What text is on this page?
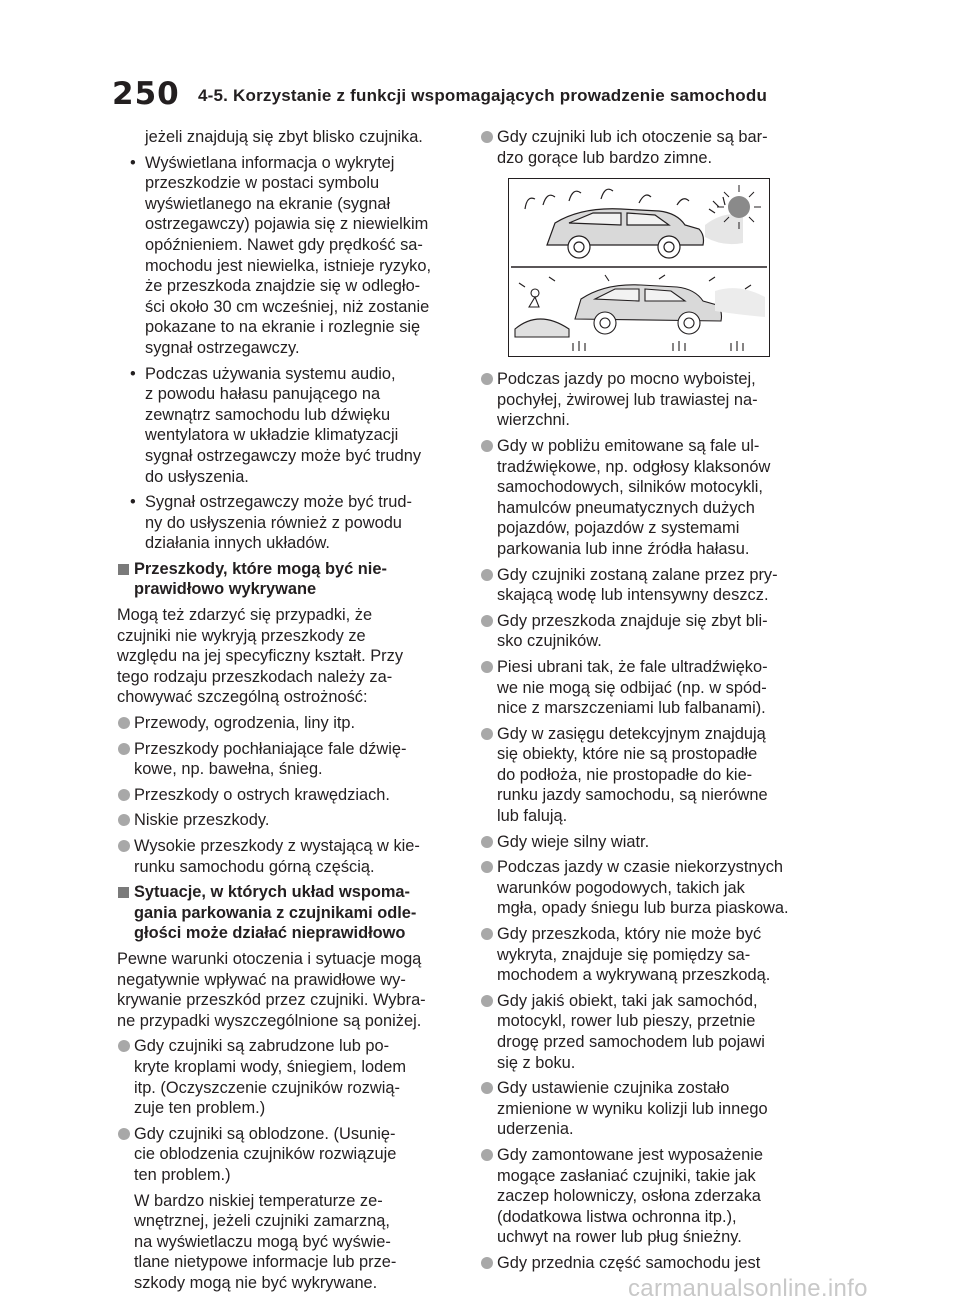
250 4-5. Korzystanie z funkcji wspomagających prowadzenie samochodu
jeżeli znajdują się zbyt blisko czujnika.
• Wyświetlana informacja o wykrytej
przeszkodzie w postaci symbolu
wyświetlanego na ekranie (sygnał
ostrzegawczy) pojawia się z niewielkim
opóźnieniem. Nawet gdy prędkość sa-
mochodu jest niewielka, istnieje ryzyko,
że przeszkoda znajdzie się w odległo-
ści około 30 cm wcześniej, niż zostanie
pokazane to na ekranie i rozlegnie się
sygnał ostrzegawczy.
• Podczas używania systemu audio,
z powodu hałasu panującego na
zewnątrz samochodu lub dźwięku
wentylatora w układzie klimatyzacji
sygnał ostrzegawczy może być trudny
do usłyszenia.
• Sygnał ostrzegawczy może być trud-
ny do usłyszenia również z powodu
działania innych układów.
Przeszkody, które mogą być nie-
prawidłowo wykrywane
Mogą też zdarzyć się przypadki, że
czujniki nie wykryją przeszkody ze
względu na jej specyficzny kształt. Przy
tego rodzaju przeszkodach należy za-
chowywać szczególną ostrożność:
Przewody, ogrodzenia, liny itp.
Przeszkody pochłaniające fale dźwię-
kowe, np. bawełna, śnieg.
Przeszkody o ostrych krawędziach.
Niskie przeszkody.
Wysokie przeszkody z wystającą w kie-
runku samochodu górną częścią.
Sytuacje, w których układ wspoma-
gania parkowania z czujnikami odle-
głości może działać nieprawidłowo
Pewne warunki otoczenia i sytuacje mogą
negatywnie wpływać na prawidłowe wy-
krywanie przeszkód przez czujniki. Wybra-
ne przypadki wyszczególnione są poniżej.
Gdy czujniki są zabrudzone lub po-
kryte kroplami wody, śniegiem, lodem
itp. (Oczyszczenie czujników rozwią-
zuje ten problem.)
Gdy czujniki są oblodzone. (Usunię-
cie oblodzenia czujników rozwiązuje
ten problem.)
W bardzo niskiej temperaturze ze-
wnętrznej, jeżeli czujniki zamarzną,
na wyświetlaczu mogą być wyświe-
tlane nietypowe informacje lub prze-
szkody mogą nie być wykrywane.
Gdy czujniki lub ich otoczenie są bar-
dzo gorące lub bardzo zimne.
Podczas jazdy po mocno wyboistej,
pochyłej, żwirowej lub trawiastej na-
wierzchni.
Gdy w pobliżu emitowane są fale ul-
tradźwiękowe, np. odgłosy klaksonów
samochodowych, silników motocykli,
hamulców pneumatycznych dużych
pojazdów, pojazdów z systemami
parkowania lub inne źródła hałasu.
Gdy czujniki zostaną zalane przez pry-
skającą wodę lub intensywny deszcz.
Gdy przeszkoda znajduje się zbyt bli-
sko czujników.
Piesi ubrani tak, że fale ultradźwięko-
we nie mogą się odbijać (np. w spód-
nice z marszczeniami lub falbanami).
Gdy w zasięgu detekcyjnym znajdują
się obiekty, które nie są prostopadłe
do podłoża, nie prostopadłe do kie-
runku jazdy samochodu, są nierówne
lub falują.
Gdy wieje silny wiatr.
Podczas jazdy w czasie niekorzystnych
warunków pogodowych, takich jak
mgła, opady śniegu lub burza piaskowa.
Gdy przeszkoda, który nie może być
wykryta, znajduje się pomiędzy sa-
mochodem a wykrywaną przeszkodą.
Gdy jakiś obiekt, taki jak samochód,
motocykl, rower lub pieszy, przetnie
drogę przed samochodem lub pojawi
się z boku.
Gdy ustawienie czujnika zostało
zmienione w wyniku kolizji lub innego
uderzenia.
Gdy zamontowane jest wyposażenie
mogące zasłaniać czujniki, takie jak
zaczep holowniczy, osłona zderzaka
(dodatkowa listwa ochronna itp.),
uchwyt na rower lub pług śnieżny.
Gdy przednia część samochodu jest
carmanualsonline.info
